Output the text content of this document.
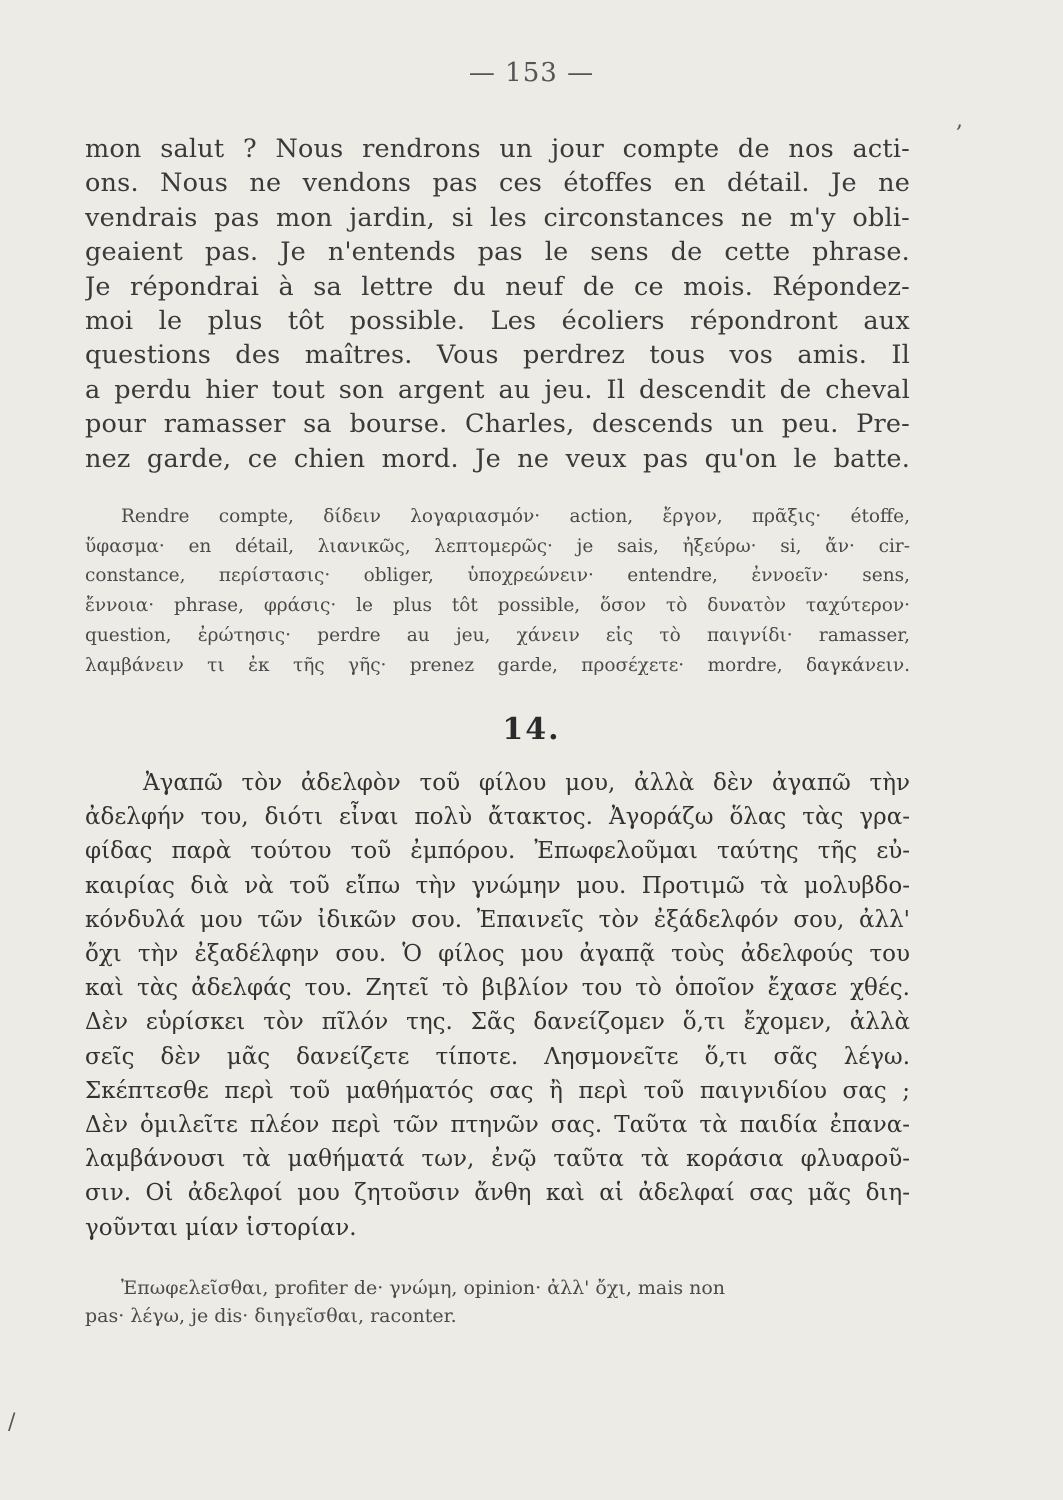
— 153 —
,
/
mon salut ? Nous rendrons un jour compte de nos acti-
ons. Nous ne vendons pas ces étoffes en détail. Je ne
vendrais pas mon jardin, si les circonstances ne m'y obli-
geaient pas. Je n'entends pas le sens de cette phrase.
Je répondrai à sa lettre du neuf de ce mois. Répondez-
moi le plus tôt possible. Les écoliers répondront aux
questions des maîtres. Vous perdrez tous vos amis. Il
a perdu hier tout son argent au jeu. Il descendit de cheval
pour ramasser sa bourse. Charles, descends un peu. Pre-
nez garde, ce chien mord. Je ne veux pas qu'on le batte.
Rendre compte, δίδειν λογαριασμόν· action, ἔργον, πρᾶξις· étoffe,
ὕφασμα· en détail, λιανικῶς, λεπτομερῶς· je sais, ἠξεύρω· si, ἄν· cir-
constance, περίστασις· obliger, ὑποχρεώνειν· entendre, ἐννοεῖν· sens,
ἔννοια· phrase, φράσις· le plus tôt possible, ὅσον τὸ δυνατὸν ταχύτερον·
question, ἐρώτησις· perdre au jeu, χάνειν εἰς τὸ παιγνίδι· ramasser,
λαμβάνειν τι ἐκ τῆς γῆς· prenez garde, προσέχετε· mordre, δαγκάνειν.
14.
Ἀγαπῶ τὸν ἀδελφὸν τοῦ φίλου μου, ἀλλὰ δὲν ἀγαπῶ τὴν
ἀδελφήν του, διότι εἶναι πολὺ ἄτακτος. Ἀγοράζω ὅλας τὰς γρα-
φίδας παρὰ τούτου τοῦ ἐμπόρου. Ἐπωφελοῦμαι ταύτης τῆς εὐ-
καιρίας διὰ νὰ τοῦ εἴπω τὴν γνώμην μου. Προτιμῶ τὰ μολυβδο-
κόνδυλά μου τῶν ἰδικῶν σου. Ἐπαινεῖς τὸν ἐξάδελφόν σου, ἀλλ'
ὄχι τὴν ἐξαδέλφην σου. Ὁ φίλος μου ἀγαπᾷ τοὺς ἀδελφούς του
καὶ τὰς ἀδελφάς του. Ζητεῖ τὸ βιβλίον του τὸ ὁποῖον ἔχασε χθές.
Δὲν εὑρίσκει τὸν πῖλόν της. Σᾶς δανείζομεν ὅ,τι ἔχομεν, ἀλλὰ
σεῖς δὲν μᾶς δανείζετε τίποτε. Λησμονεῖτε ὅ,τι σᾶς λέγω.
Σκέπτεσθε περὶ τοῦ μαθήματός σας ἢ περὶ τοῦ παιγνιδίου σας ;
Δὲν ὁμιλεῖτε πλέον περὶ τῶν πτηνῶν σας. Ταῦτα τὰ παιδία ἐπανα-
λαμβάνουσι τὰ μαθήματά των, ἐνῷ ταῦτα τὰ κοράσια φλυαροῦ-
σιν. Οἱ ἀδελφοί μου ζητοῦσιν ἄνθη καὶ αἱ ἀδελφαί σας μᾶς διη-
γοῦνται μίαν ἱστορίαν.
Ἐπωφελεῖσθαι, profiter de· γνώμη, opinion· ἀλλ' ὄχι, mais non
pas· λέγω, je dis· διηγεῖσθαι, raconter.
